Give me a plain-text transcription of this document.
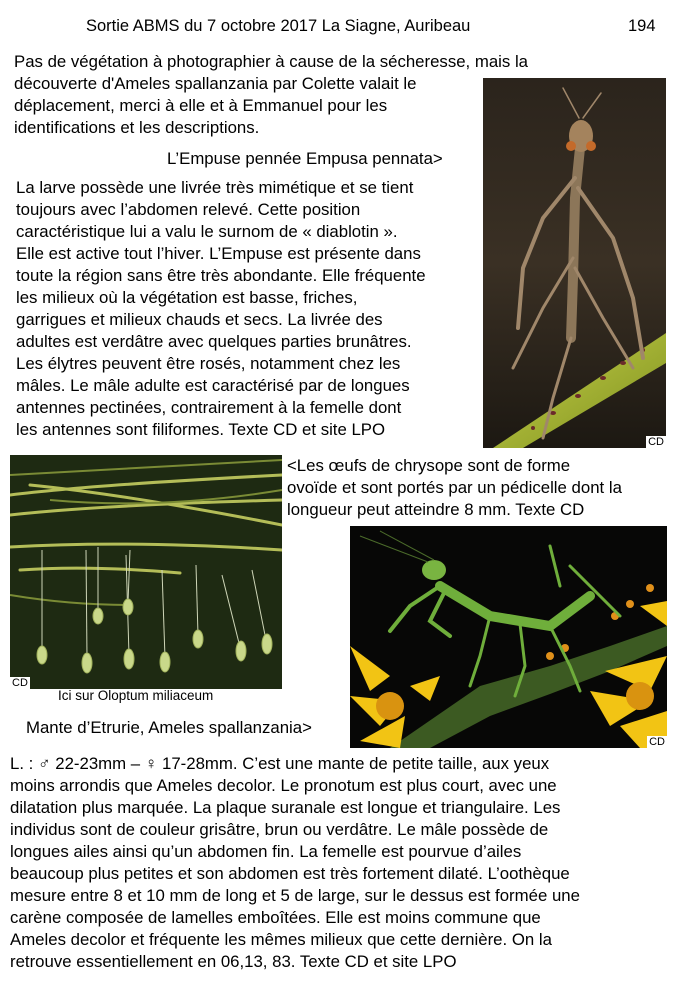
Sortie ABMS du 7 octobre 2017 La Siagne, Auribeau	194
Pas de végétation à photographier à cause de la sécheresse, mais la
découverte d'Ameles spallanzania par Colette valait le
déplacement, merci à elle et à Emmanuel pour les
identifications et les descriptions.
CD
L’Empuse pennée Empusa pennata>
La larve possède une livrée très mimétique et se tient
toujours avec l’abdomen relevé. Cette position
caractéristique lui a valu le surnom de « diablotin ».
Elle est active tout l’hiver. L’Empuse est présente dans
toute la région sans être très abondante. Elle fréquente
les milieux où la végétation est basse, friches,
garrigues et milieux chauds et secs. La livrée des
adultes est verdâtre avec quelques parties brunâtres.
Les élytres peuvent être rosés, notamment chez les
mâles. Le mâle adulte est caractérisé par de longues
antennes pectinées, contrairement à la femelle dont
les antennes sont filiformes. Texte CD et site LPO
CD
Ici sur Oloptum miliaceum
<Les œufs de chrysope sont de forme
ovoïde et sont portés par un pédicelle dont la
longueur peut atteindre 8 mm. Texte CD
CD
Mante d’Etrurie, Ameles spallanzania>
L. : ♂ 22-23mm – ♀ 17-28mm. C’est une mante de petite taille, aux yeux
moins arrondis que Ameles decolor. Le pronotum est plus court, avec une
dilatation plus marquée. La plaque suranale est longue et triangulaire. Les
individus sont de couleur grisâtre, brun ou verdâtre. Le mâle possède de
longues ailes ainsi qu’un abdomen fin. La femelle est pourvue d’ailes
beaucoup plus petites et son abdomen est très fortement dilaté. L’oothèque
mesure entre 8 et 10 mm de long et 5 de large, sur le dessus est formée une
carène composée de lamelles emboîtées. Elle est moins commune que
Ameles decolor et fréquente les mêmes milieux que cette dernière. On la
retrouve essentiellement en 06,13, 83. Texte CD et site LPO
